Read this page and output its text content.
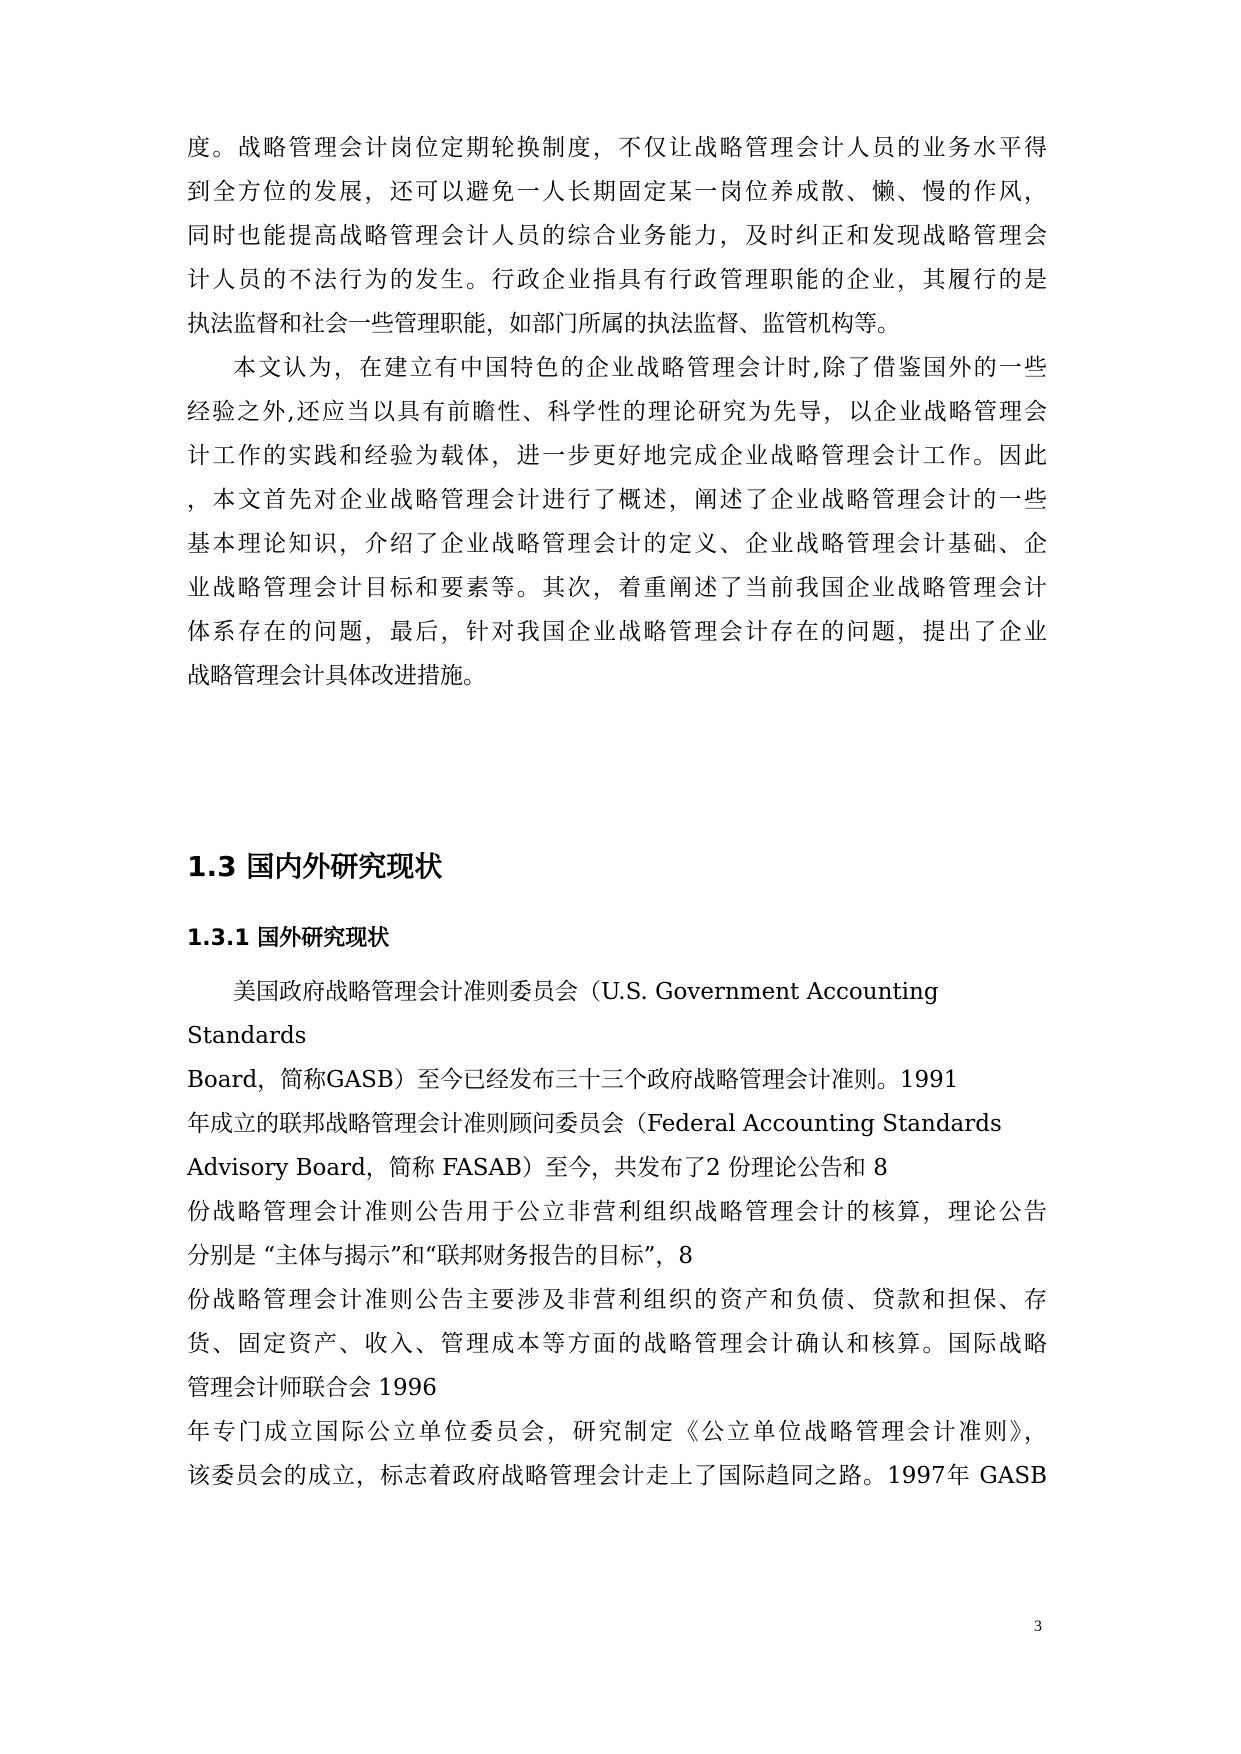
度。战略管理会计岗位定期轮换制度，不仅让战略管理会计人员的业务水平得
到全方位的发展，还可以避免一人长期固定某一岗位养成散、懒、慢的作风，
同时也能提高战略管理会计人员的综合业务能力，及时纠正和发现战略管理会
计人员的不法行为的发生。行政企业指具有行政管理职能的企业，其履行的是
执法监督和社会一些管理职能，如部门所属的执法监督、监管机构等。
本文认为，在建立有中国特色的企业战略管理会计时,除了借鉴国外的一些
经验之外,还应当以具有前瞻性、科学性的理论研究为先导，以企业战略管理会
计工作的实践和经验为载体，进一步更好地完成企业战略管理会计工作。因此
，本文首先对企业战略管理会计进行了概述，阐述了企业战略管理会计的一些
基本理论知识，介绍了企业战略管理会计的定义、企业战略管理会计基础、企
业战略管理会计目标和要素等。其次，着重阐述了当前我国企业战略管理会计
体系存在的问题，最后，针对我国企业战略管理会计存在的问题，提出了企业
战略管理会计具体改进措施。
1.3 国内外研究现状
1.3.1 国外研究现状
美国政府战略管理会计准则委员会（U.S. Government Accounting
Standards
Board，简称GASB）至今已经发布三十三个政府战略管理会计准则。1991
年成立的联邦战略管理会计准则顾问委员会（Federal Accounting Standards
Advisory Board，简称 FASAB）至今，共发布了2 份理论公告和 8
份战略管理会计准则公告用于公立非营利组织战略管理会计的核算，理论公告
分别是 “主体与揭示”和“联邦财务报告的目标”，8
份战略管理会计准则公告主要涉及非营利组织的资产和负债、贷款和担保、存
货、固定资产、收入、管理成本等方面的战略管理会计确认和核算。国际战略
管理会计师联合会 1996
年专门成立国际公立单位委员会，研究制定《公立单位战略管理会计准则》，
该委员会的成立，标志着政府战略管理会计走上了国际趋同之路。1997年 GASB
3
